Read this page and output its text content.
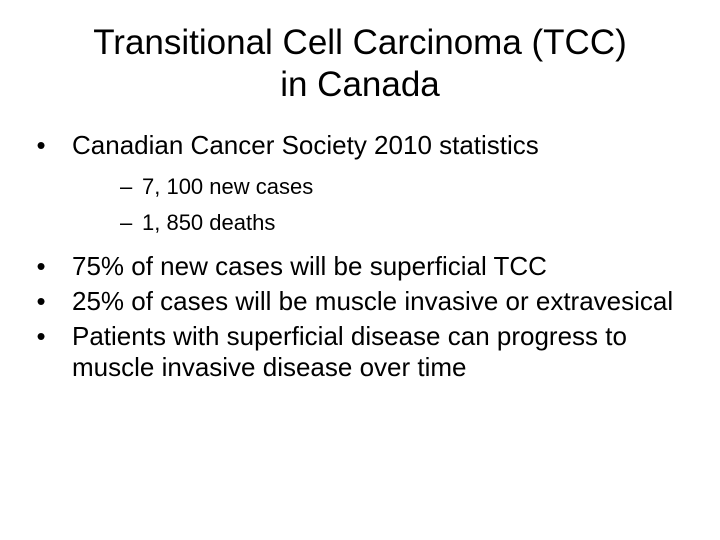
Transitional Cell Carcinoma (TCC)
in Canada

• Canadian Cancer Society 2010 statistics

– 7, 100 new cases

– 1, 850 deaths

• 75% of new cases will be superficial TCC

• 25% of cases will be muscle invasive or extravesical

• Patients with superficial disease can progress to muscle invasive disease over time
